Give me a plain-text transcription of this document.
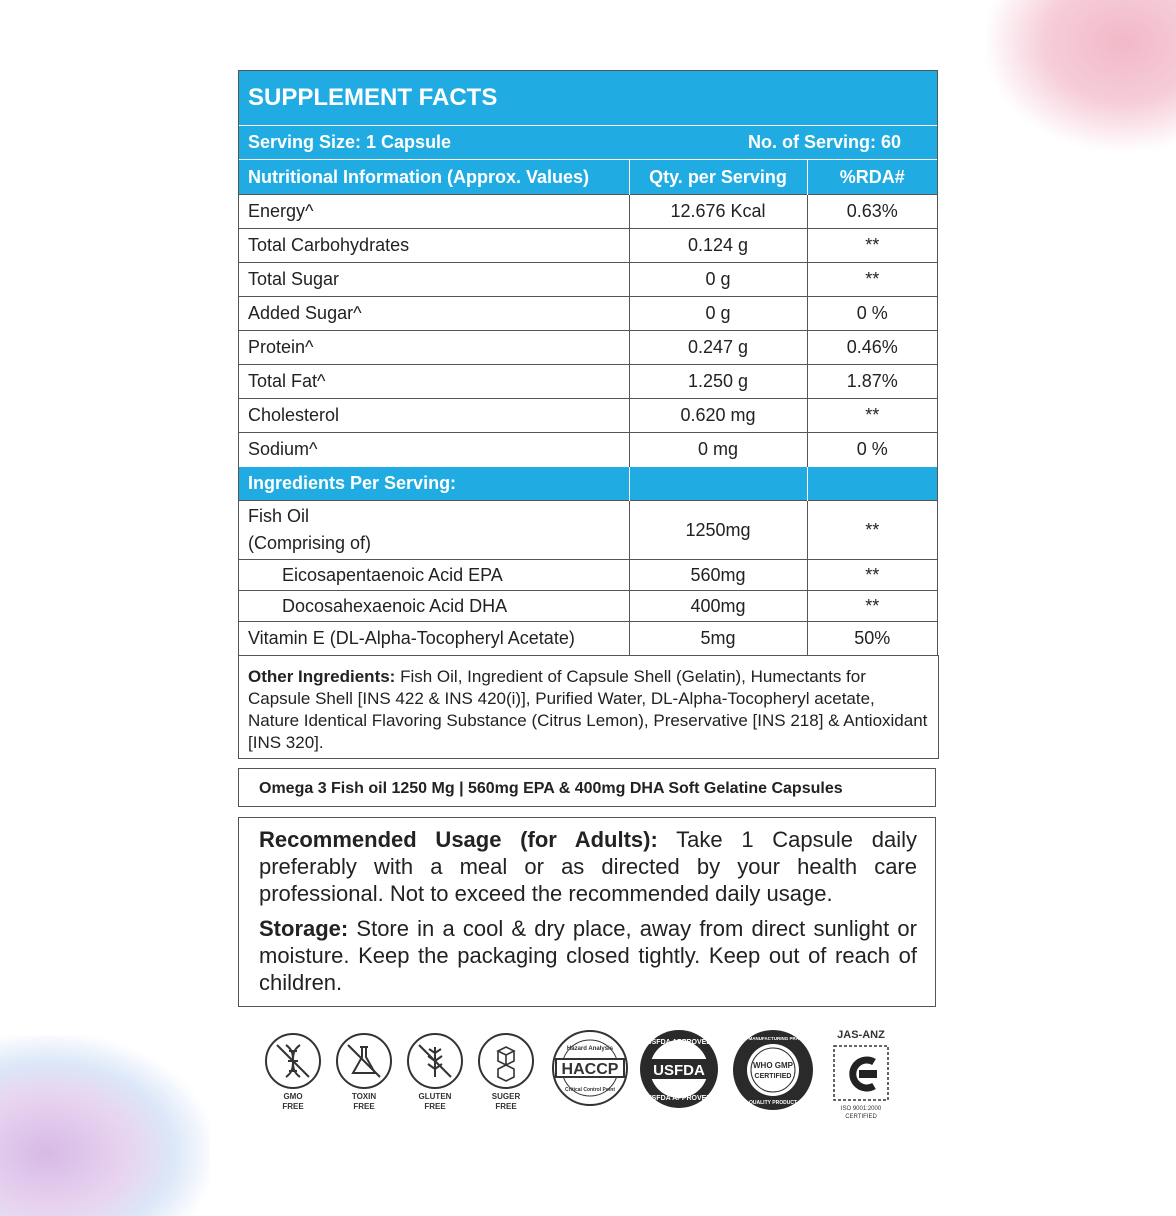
SUPPLEMENT FACTS
Serving Size: 1 Capsule	No. of Serving: 60
Nutritional Information (Approx. Values)	Qty. per Serving	%RDA#
Energy^	12.676 Kcal	0.63%
Total Carbohydrates	0.124 g	**
Total Sugar	0 g	**
Added Sugar^	0 g	0 %
Protein^	0.247 g	0.46%
Total Fat^	1.250 g	1.87%
Cholesterol	0.620 mg	**
Sodium^	0 mg	0 %
Ingredients Per Serving:		

Fish Oil
(Comprising of)	1250mg	**
Eicosapentaenoic Acid EPA	560mg	**
Docosahexaenoic Acid DHA	400mg	**
Vitamin E (DL-Alpha-Tocopheryl Acetate)	5mg	50%
Other Ingredients: Fish Oil, Ingredient of Capsule Shell (Gelatin), Humectants for Capsule Shell [INS 422 & INS 420(i)], Purified Water, DL-Alpha-Tocopheryl acetate, Nature Identical Flavoring Substance (Citrus Lemon), Preservative [INS 218] & Antioxidant [INS 320].
Omega 3 Fish oil 1250 Mg | 560mg EPA & 400mg DHA Soft Gelatine Capsules

Recommended Usage (for Adults): Take 1 Capsule daily preferably with a meal or as directed by your health care professional. Not to exceed the recommended daily usage.

Storage: Store in a cool & dry place, away from direct sunlight or moisture. Keep the packaging closed tightly. Keep out of reach of children.

GMO
FREE
TOXIN
FREE
GLUTEN
FREE
SUGER
FREE
HACCP
Hazard Analysis
Critical Control Point
USFDA
USFDA APPROVED
USFDA APPROVED
WHO GMP
CERTIFIED
GOOD MANUFACTURING PRACTICE
QUALITY PRODUCT
JAS-ANZ
ISO 9001:2000
CERTIFIED
